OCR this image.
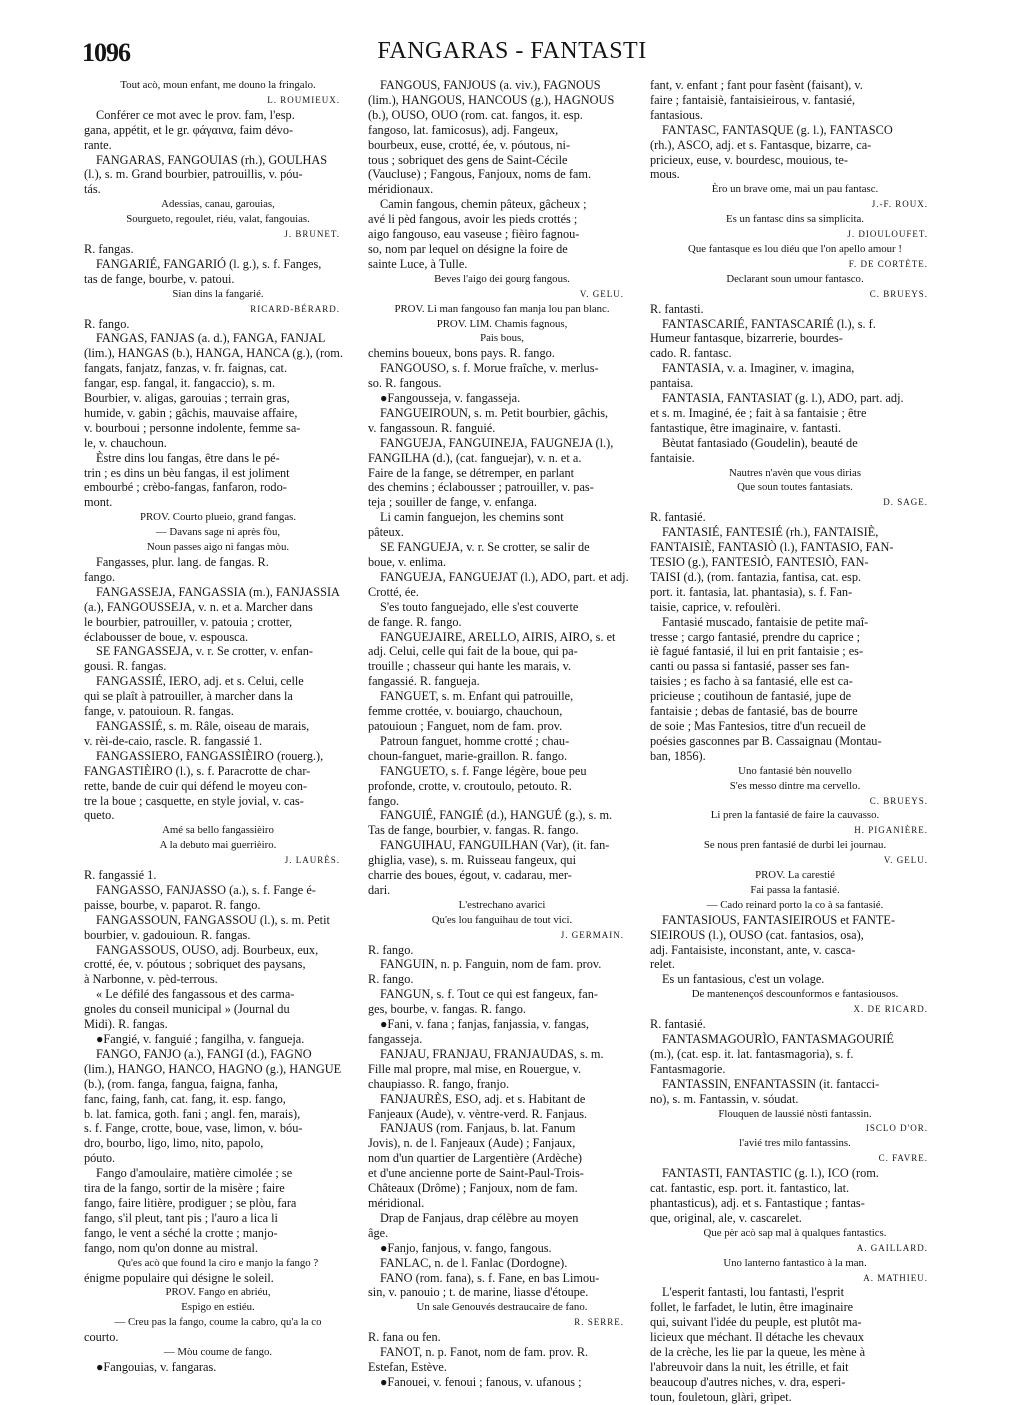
1096	FANGARAS - FANTASTI
Tout acò, moun enfant, me douno la fringalo.
L. ROUMIEUX.
Conférer ce mot avec le prov. fam, l'esp.
gana, appétit, et le gr. φάγαινα, faim dévo-
rante.
FANGARAS, FANGOUIAS (rh.), GOULHAS
(l.), s. m. Grand bourbier, patrouillis, v. póu-
tás.
Adessias, canau, garouias,
Sourgueto, regoulet, riéu, valat, fangouias.
J. BRUNET.
R. fangas.
FANGARIÉ, FANGARIÓ (l. g.), s. f. Fanges,
tas de fange, bourbe, v. patoui.
Sian dins la fangarié.
RICARD-BÉRARD.
R. fango.
FANGAS, FANJAS (a. d.), FANGA, FANJAL
(lim.), HANGAS (b.), HANGA, HANCA (g.), (rom.
fangats, fanjatz, fanzas, v. fr. faignas, cat.
fangar, esp. fangal, it. fangaccio), s. m.
Bourbier, v. aligas, garouias ; terrain gras,
humide, v. gabin ; gâchis, mauvaise affaire,
v. bourboui ; personne indolente, femme sa-
le, v. chauchoun.
Èstre dins lou fangas, être dans le pé-
trin ; es dins un bèu fangas, il est joliment
embourbé ; crèbo-fangas, fanfaron, rodo-
mont.
PROV. Courto plueio, grand fangas.
— Davans sage ni après fòu,
Noun passes aigo ni fangas mòu.
Fangasses, plur. lang. de fangas. R.
fango.
FANGASSEJA, FANGASSIA (m.), FANJASSIA
(a.), FANGOUSSEJA, v. n. et a. Marcher dans
le bourbier, patrouiller, v. patouia ; crotter,
éclabousser de boue, v. espousca.
SE FANGASSEJA, v. r. Se crotter, v. enfan-
gousi. R. fangas.
FANGASSIÉ, IERO, adj. et s. Celui, celle
qui se plaît à patrouiller, à marcher dans la
fange, v. patouioun. R. fangas.
FANGASSIÉ, s. m. Râle, oiseau de marais,
v. rèi-de-caio, rascle. R. fangassié 1.
FANGASSIERO, FANGASSIÈIRO (rouerg.),
FANGASTIÈIRO (l.), s. f. Paracrotte de char-
rette, bande de cuir qui défend le moyeu con-
tre la boue ; casquette, en style jovial, v. cas-
queto.
Amé sa bello fangassièiro
A la debuto mai guerrièiro.
J. LAURÈS.
R. fangassié 1.
FANGASSO, FANJASSO (a.), s. f. Fange é-
paisse, bourbe, v. paparot. R. fango.
FANGASSOUN, FANGASSOU (l.), s. m. Petit
bourbier, v. gadouioun. R. fangas.
FANGASSOUS, OUSO, adj. Bourbeux, eux,
crotté, ée, v. póutous ; sobriquet des paysans,
à Narbonne, v. pèd-terrous.
« Le défilé des fangassous et des carma-
gnoles du conseil municipal » (Journal du
Midi). R. fangas.
●Fangié, v. fanguié ; fangilha, v. fangueja.
FANGO, FANJO (a.), FANGI (d.), FAGNO
(lim.), HANGO, HANCO, HAGNO (g.), HANGUE
(b.), (rom. fanga, fangua, faigna, fanha,
fanc, faing, fanh, cat. fang, it. esp. fango,
b. lat. famica, goth. fani ; angl. fen, marais),
s. f. Fange, crotte, boue, vase, limon, v. bóu-
dro, bourbo, ligo, limo, nito, papolo,
póuto.
Fango d'amoulaire, matière cimolée ; se
tira de la fango, sortir de la misère ; faire
fango, faire litière, prodiguer ; se plòu, fara
fango, s'il pleut, tant pis ; l'auro a lica li
fango, le vent a séché la crotte ; manjo-
fango, nom qu'on donne au mistral.
Qu'es acò que found la ciro e manjo la fango ?
énigme populaire qui désigne le soleil.
PROV. Fango en abriéu,
Espigo en estiéu.
— Creu pas la fango, coume la cabro, qu'a la co
courto.
— Mòu coume de fango.
●Fangouias, v. fangaras.
FANGOUS, FANJOUS (a. viv.), FAGNOUS
(lim.), HANGOUS, HANCOUS (g.), HAGNOUS
(b.), OUSO, OUO (rom. cat. fangos, it. esp.
fangoso, lat. famicosus), adj. Fangeux,
bourbeux, euse, crotté, ée, v. póutous, ni-
tous ; sobriquet des gens de Saint-Cécile
(Vaucluse) ; Fangous, Fanjoux, noms de fam.
méridionaux.
Camin fangous, chemin pâteux, gâcheux ;
avé li pèd fangous, avoir les pieds crottés ;
aigo fangouso, eau vaseuse ; fièiro fagnou-
so, nom par lequel on désigne la foire de
sainte Luce, à Tulle.
Beves l'aigo dei gourg fangous.
V. GELU.
PROV. Li man fangouso fan manja lou pan blanc.
PROV. LIM. Chamis fagnous,
Pais bous,
chemins boueux, bons pays. R. fango.
FANGOUSO, s. f. Morue fraîche, v. merlus-
so. R. fangous.
●Fangousseja, v. fangasseja.
FANGUEIROUN, s. m. Petit bourbier, gâchis,
v. fangassoun. R. fanguié.
FANGUEJA, FANGUINEJA, FAUGNEJA (l.),
FANGILHA (d.), (cat. fanguejar), v. n. et a.
Faire de la fange, se détremper, en parlant
des chemins ; éclabousser ; patrouiller, v. pas-
teja ; souiller de fange, v. enfanga.
Li camin fanguejon, les chemins sont
pâteux.
SE FANGUEJA, v. r. Se crotter, se salir de
boue, v. enlima.
FANGUEJA, FANGUEJAT (l.), ADO, part. et adj.
Crotté, ée.
S'es touto fanguejado, elle s'est couverte
de fange. R. fango.
FANGUEJAIRE, ARELLO, AIRIS, AIRO, s. et
adj. Celui, celle qui fait de la boue, qui pa-
trouille ; chasseur qui hante les marais, v.
fangassié. R. fangueja.
FANGUET, s. m. Enfant qui patrouille,
femme crottée, v. bouiargo, chauchoun,
patouioun ; Fanguet, nom de fam. prov.
Patroun fanguet, homme crotté ; chau-
choun-fanguet, marie-graillon. R. fango.
FANGUETO, s. f. Fange légère, boue peu
profonde, crotte, v. croutoulo, petouto. R.
fango.
FANGUIÉ, FANGIÉ (d.), HANGUÉ (g.), s. m.
Tas de fange, bourbier, v. fangas. R. fango.
FANGUIHAU, FANGUILHAN (Var), (it. fan-
ghiglia, vase), s. m. Ruisseau fangeux, qui
charrie des boues, égout, v. cadarau, mer-
dari.
L'estrechano avarici
Qu'es lou fanguihau de tout vici.
J. GERMAIN.
R. fango.
FANGUIN, n. p. Fanguin, nom de fam. prov.
R. fango.
FANGUN, s. f. Tout ce qui est fangeux, fan-
ges, bourbe, v. fangas. R. fango.
●Fani, v. fana ; fanjas, fanjassia, v. fangas,
fangasseja.
FANJAU, FRANJAU, FRANJAUDAS, s. m.
Fille mal propre, mal mise, en Rouergue, v.
chaupiasso. R. fango, franjo.
FANJAURÈS, ESO, adj. et s. Habitant de
Fanjeaux (Aude), v. vèntre-verd. R. Fanjaus.
FANJAUS (rom. Fanjaus, b. lat. Fanum
Jovis), n. de l. Fanjeaux (Aude) ; Fanjaux,
nom d'un quartier de Largentière (Ardèche)
et d'une ancienne porte de Saint-Paul-Trois-
Châteaux (Drôme) ; Fanjoux, nom de fam.
méridional.
Drap de Fanjaus, drap célèbre au moyen
âge.
●Fanjo, fanjous, v. fango, fangous.
FANLAC, n. de l. Fanlac (Dordogne).
FANO (rom. fana), s. f. Fane, en bas Limou-
sin, v. panouio ; t. de marine, liasse d'étoupe.
Un sale Genouvés destraucaire de fano.
R. SERRE.
R. fana ou fen.
FANOT, n. p. Fanot, nom de fam. prov. R.
Estefan, Estève.
●Fanouei, v. fenoui ; fanous, v. ufanous ;
fant, v. enfant ; fant pour fasènt (faisant), v.
faire ; fantaisiè, fantaisieirous, v. fantasié,
fantasious.
FANTASC, FANTASQUE (g. l.), FANTASCO
(rh.), ASCO, adj. et s. Fantasque, bizarre, ca-
pricieux, euse, v. bourdesc, mouious, te-
mous.
Èro un brave ome, mai un pau fantasc.
J.-F. ROUX.
Es un fantasc dins sa simplicita.
J. DIOULOUFET.
Que fantasque es lou diéu que l'on apello amour !
F. DE CORTÈTE.
Declarant soun umour fantasco.
C. BRUEYS.
R. fantasti.
FANTASCARIÉ, FANTASCARIÉ (l.), s. f.
Humeur fantasque, bizarrerie, bourdes-
cado. R. fantasc.
FANTASIA, v. a. Imaginer, v. imagina,
pantaisa.
FANTASIA, FANTASIAT (g. l.), ADO, part. adj.
et s. m. Imaginé, ée ; fait à sa fantaisie ; être
fantastique, être imaginaire, v. fantasti.
Bèutat fantasiado (Goudelin), beauté de
fantaisie.
Nautres n'avèn que vous dirias
Que soun toutes fantasiats.
D. SAGE.
R. fantasié.
FANTASIÉ, FANTESIÉ (rh.), FANTAISIÈ,
FANTAISIÈ, FANTASIÒ (l.), FANTASIO, FAN-
TESIO (g.), FANTESIÒ, FANTESIÒ, FAN-
TAISI (d.), (rom. fantazia, fantisa, cat. esp.
port. it. fantasia, lat. phantasia), s. f. Fan-
taisie, caprice, v. refoulèri.
Fantasié muscado, fantaisie de petite maî-
tresse ; cargo fantasié, prendre du caprice ;
iè fagué fantasié, il lui en prit fantaisie ; es-
canti ou passa si fantasié, passer ses fan-
taisies ; es facho à sa fantasié, elle est ca-
pricieuse ; coutihoun de fantasié, jupe de
fantaisie ; debas de fantasié, bas de bourre
de soie ; Mas Fantesios, titre d'un recueil de
poésies gasconnes par B. Cassaignau (Montau-
ban, 1856).
Uno fantasié bèn nouvello
S'es messo dintre ma cervello.
C. BRUEYS.
Li pren la fantasié de faire la cauvasso.
H. PIGANIÈRE.
Se nous pren fantasié de durbi lei journau.
V. GELU.
PROV. La carestié
Fai passa la fantasié.
— Cado reinard porto la co à sa fantasié.
FANTASIOUS, FANTASIEIROUS et FANTE-
SIEIROUS (l.), OUSO (cat. fantasios, osa),
adj. Fantaisiste, inconstant, ante, v. casca-
relet.
Es un fantasious, c'est un volage.
De mantenençoś descounformos e fantasiousos.
X. DE RICARD.
R. fantasié.
FANTASMAGOURÌO, FANTASMAGOURIÉ
(m.), (cat. esp. it. lat. fantasmagoria), s. f.
Fantasmagorie.
FANTASSIN, ENFANTASSIN (it. fantacci-
no), s. m. Fantassin, v. sóudat.
Flouquen de laussié nòstì fantassin.
ISCLO D'OR.
l'avié tres milo fantassins.
C. FAVRE.
FANTASTI, FANTASTIC (g. l.), ICO (rom.
cat. fantastic, esp. port. it. fantastico, lat.
phantasticus), adj. et s. Fantastique ; fantas-
que, original, ale, v. cascarelet.
Que pèr acò sap mal à qualques fantastics.
A. GAILLARD.
Uno lanterno fantastico à la man.
A. MATHIEU.
L'esperit fantasti, lou fantasti, l'esprit
follet, le farfadet, le lutin, être imaginaire
qui, suivant l'idée du peuple, est plutôt ma-
licieux que méchant. Il détache les chevaux
de la crèche, les lie par la queue, les mène à
l'abreuvoir dans la nuit, les étrille, et fait
beaucoup d'autres niches, v. dra, esperi-
toun, fouletoun, glàri, grìpet.
